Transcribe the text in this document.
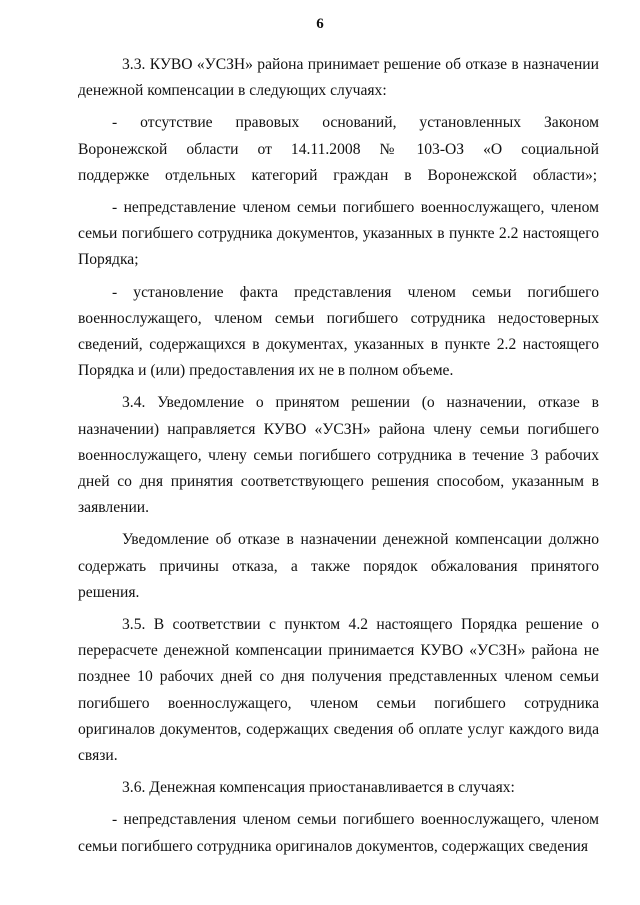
6

3.3. КУВО «УСЗН» района принимает решение об отказе в назначении денежной компенсации в следующих случаях:

- отсутствие правовых оснований, установленных Законом Воронежской области от 14.11.2008 № 103-ОЗ «О социальной поддержке отдельных категорий граждан в Воронежской области»;

- непредставление членом семьи погибшего военнослужащего, членом семьи погибшего сотрудника документов, указанных в пункте 2.2 настоящего Порядка;

- установление факта представления членом семьи погибшего военнослужащего, членом семьи погибшего сотрудника недостоверных сведений, содержащихся в документах, указанных в пункте 2.2 настоящего Порядка и (или) предоставления их не в полном объеме.

3.4. Уведомление о принятом решении (о назначении, отказе в назначении) направляется КУВО «УСЗН» района члену семьи погибшего военнослужащего, члену семьи погибшего сотрудника в течение 3 рабочих дней со дня принятия соответствующего решения способом, указанным в заявлении.

Уведомление об отказе в назначении денежной компенсации должно содержать причины отказа, а также порядок обжалования принятого решения.

3.5. В соответствии с пунктом 4.2 настоящего Порядка решение о перерасчете денежной компенсации принимается КУВО «УСЗН» района не позднее 10 рабочих дней со дня получения представленных членом семьи погибшего военнослужащего, членом семьи погибшего сотрудника оригиналов документов, содержащих сведения об оплате услуг каждого вида связи.

3.6. Денежная компенсация приостанавливается в случаях:

- непредставления членом семьи погибшего военнослужащего, членом семьи погибшего сотрудника оригиналов документов, содержащих сведения
